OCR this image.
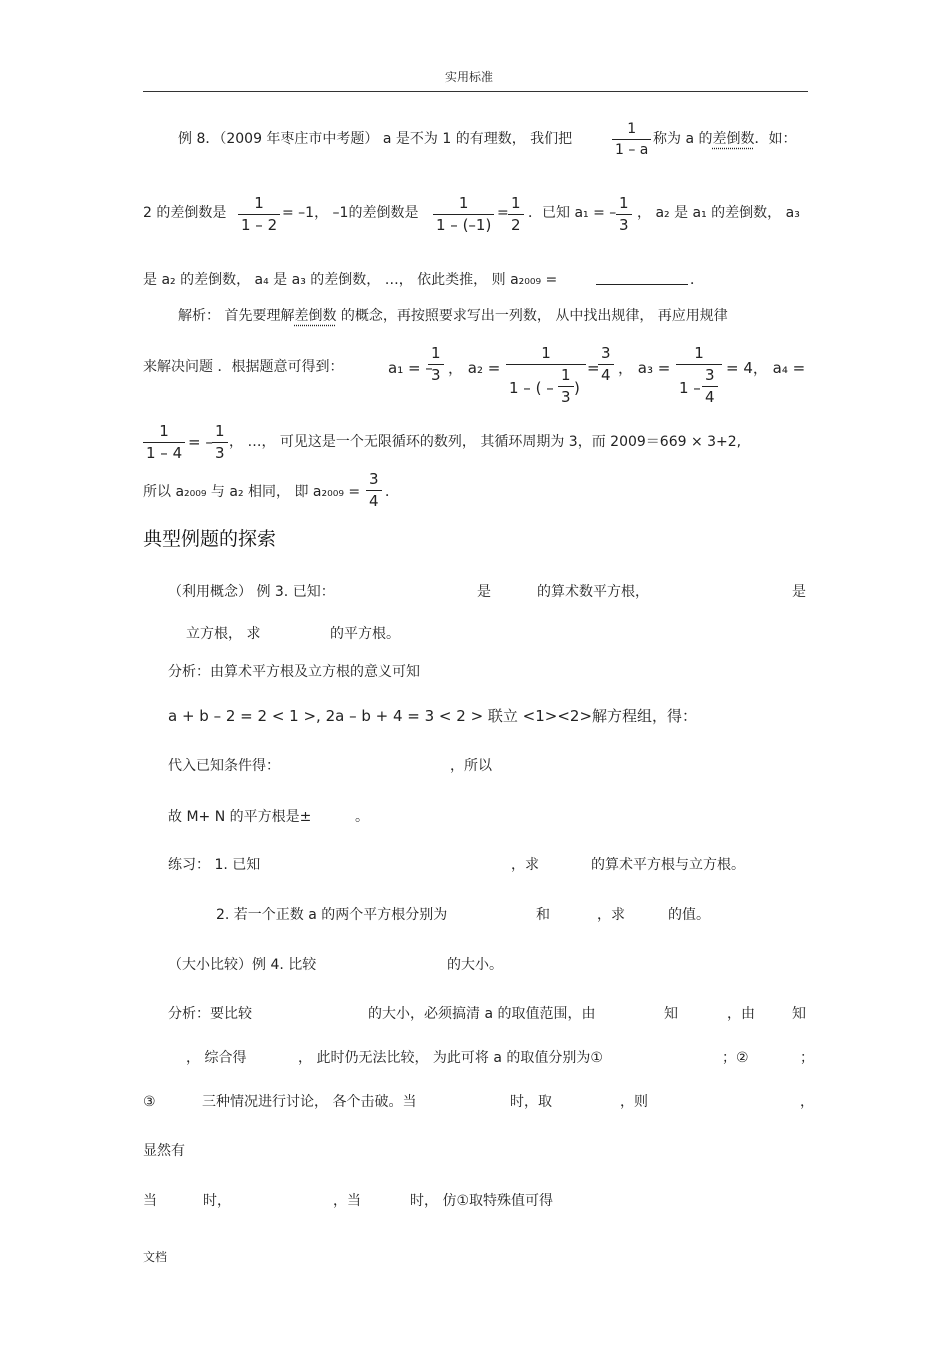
实用标准
例 8．（2009 年枣庄市中考题） a 是不为 1 的有理数， 我们把	$\frac{1}{1 - a}$ 称为 a 的差倒数．如：
2 的差倒数是 $\frac{1}{1 - 2} = -1$， –1的差倒数是 $\frac{1}{1 - (-1)} = \frac{1}{2}$ ．已知 a₁ = – $\frac{1}{3}$ ， a₂ 是 a₁ 的差倒数， a₃
是 a₂ 的差倒数， a₄ 是 a₃ 的差倒数， …， 依此类推， 则 a₂₀₀₉ =	．
解析： 首先要理解差倒数 的概念，再按照要求写出一列数， 从中找出规律， 再应用规律
来解决问题 ．根据题意可得到：	a₁ = –
$\frac{1}{3}$ ， $a_2 = \frac{1}{1 - ( - \frac{1}{3} )}$ =
$\frac{3}{4}$ ， $a_3 = \frac{1}{1 - \frac{3}{4}} = 4$， a₄ =
$\frac{1}{1 - 4}$ = – $\frac{1}{3}$ ， …， 可见这是一个无限循环的数列， 其循环周期为 3，而 2009＝669 × 3+2,
所以 a₂₀₀₉ 与 a₂ 相同， 即 $a_{2009} = \frac{3}{4}$ ．
典型例题的探索
（利用概念） 例 3. 已知：	是	的算术数平方根，	是
立方根， 求	的平方根。
分析：由算术平方根及立方根的意义可知
a + b – 2 = 2 < 1 >, 2a – b + 4 = 3 < 2 > 联立 <1><2>解方程组，得：
代入已知条件得：	，所以
故 M+ N 的平方根是±	。
练习： 1. 已知	，求	的算术平方根与立方根。
2. 若一个正数 a 的两个平方根分别为	和	，求	的值。
（大小比较）例 4. 比较	的大小。
分析：要比较	的大小，必须搞清 a 的取值范围，由	知	，由	知
， 综合得	， 此时仍无法比较， 为此可将 a 的取值分别为①	；②	；
③	三种情况进行讨论， 各个击破。当	时，取	，则	，
显然有
当	时，	，当	时， 仿①取特殊值可得
文档
